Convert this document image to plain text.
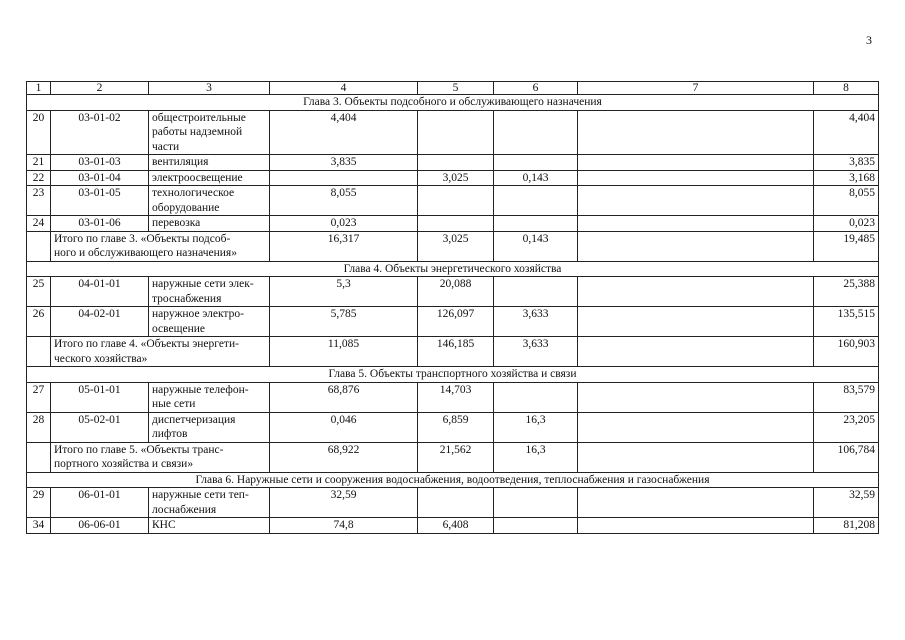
3
1	2	3	4	5	6	7	8
Глава 3. Объекты подсобного и обслуживающего назначения							
20	03-01-02	общестроительные
работы надземной
части	4,404				4,404
21	03-01-03	вентиляция	3,835				3,835
22	03-01-04	электроосвещение		3,025	0,143		3,168
23	03-01-05	технологическое
оборудование	8,055				8,055
24	03-01-06	перевозка	0,023				0,023

	Итого по главе 3. «Объекты подсоб-
ного и обслуживающего назначения»		16,317	3,025	0,143		19,485
Глава 4. Объекты энергетического хозяйства							
25	04-01-01	наружные сети элек-
троснабжения	5,3	20,088			25,388
26	04-02-01	наружное электро-
освещение	5,785	126,097	3,633		135,515

	Итого по главе 4. «Объекты энергети-
ческого хозяйства»		11,085	146,185	3,633		160,903
Глава 5. Объекты транспортного хозяйства и связи							
27	05-01-01	наружные телефон-
ные сети	68,876	14,703			83,579
28	05-02-01	диспетчеризация
лифтов	0,046	6,859	16,3		23,205

	Итого по главе 5. «Объекты транс-
портного хозяйства и связи»		68,922	21,562	16,3		106,784
Глава 6. Наружные сети и сооружения водоснабжения, водоотведения, теплоснабжения и газоснабжения							
29	06-01-01	наружные сети теп-
лоснабжения	32,59				32,59
34	06-06-01	КНС	74,8	6,408			81,208
